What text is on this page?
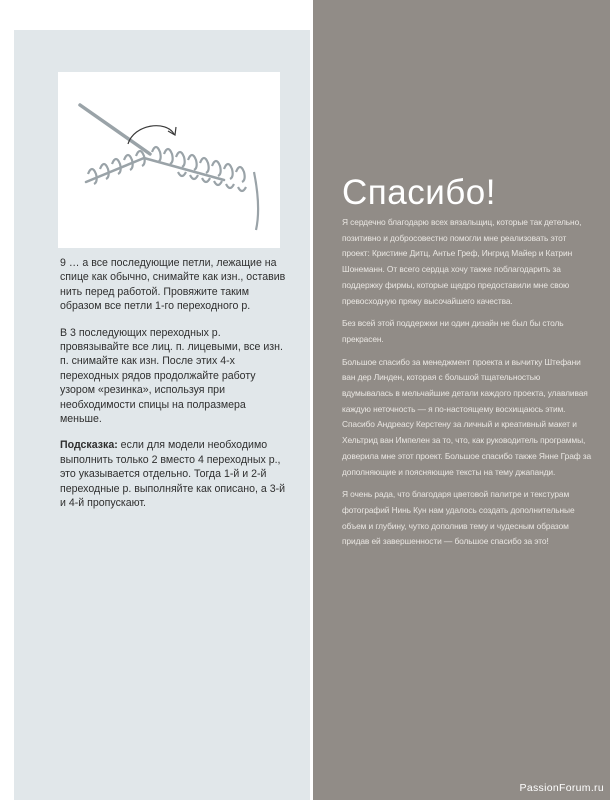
9 … а все последующие петли, лежащие на спице как обычно, снимайте как изн., оставив нить перед работой. Провяжите таким образом все петли 1-го переходного р.

В 3 последующих переходных р. провязывайте все лиц. п. лицевыми, все изн. п. снимайте как изн. После этих 4-х переходных рядов продолжайте работу узором «резинка», используя при необходимости спицы на полразмера меньше.

Подсказка: если для модели необходимо выполнить только 2 вместо 4 переходных р., это указывается отдельно. Тогда 1-й и 2-й переходные р. выполняйте как описано, а 3-й и 4-й пропускают.

Спасибо!

Я сердечно благодарю всех вязальщиц, которые так детельно, позитивно и добросовестно помогли мне реализовать этот проект: Кристине Дитц, Антье Греф, Ингрид Майер и Катрин Шонеманн. От всего сердца хочу также поблагодарить за поддержку фирмы, которые щедро предоставили мне свою превосходную пряжу высочайшего качества.

Без всей этой поддержки ни один дизайн не был бы столь прекрасен.

Большое спасибо за менеджмент проекта и вычитку Штефани ван дер Линден, которая с большой тщательностью вдумывалась в мельчайшие детали каждого проекта, улавливая каждую неточность — я по-настоящему восхищаюсь этим. Спасибо Андреасу Керстену за личный и креативный макет и Хельтрид ван Импелен за то, что, как руководитель программы, доверила мне этот проект. Большое спасибо также Янне Граф за дополняющие и поясняющие тексты на тему джапанди.

Я очень рада, что благодаря цветовой палитре и текстурам фотографий Нинь Кун нам удалось создать дополнительные объем и глубину, чутко дополнив тему и чудесным образом придав ей завершенности — большое спасибо за это!

PassionForum.ru
